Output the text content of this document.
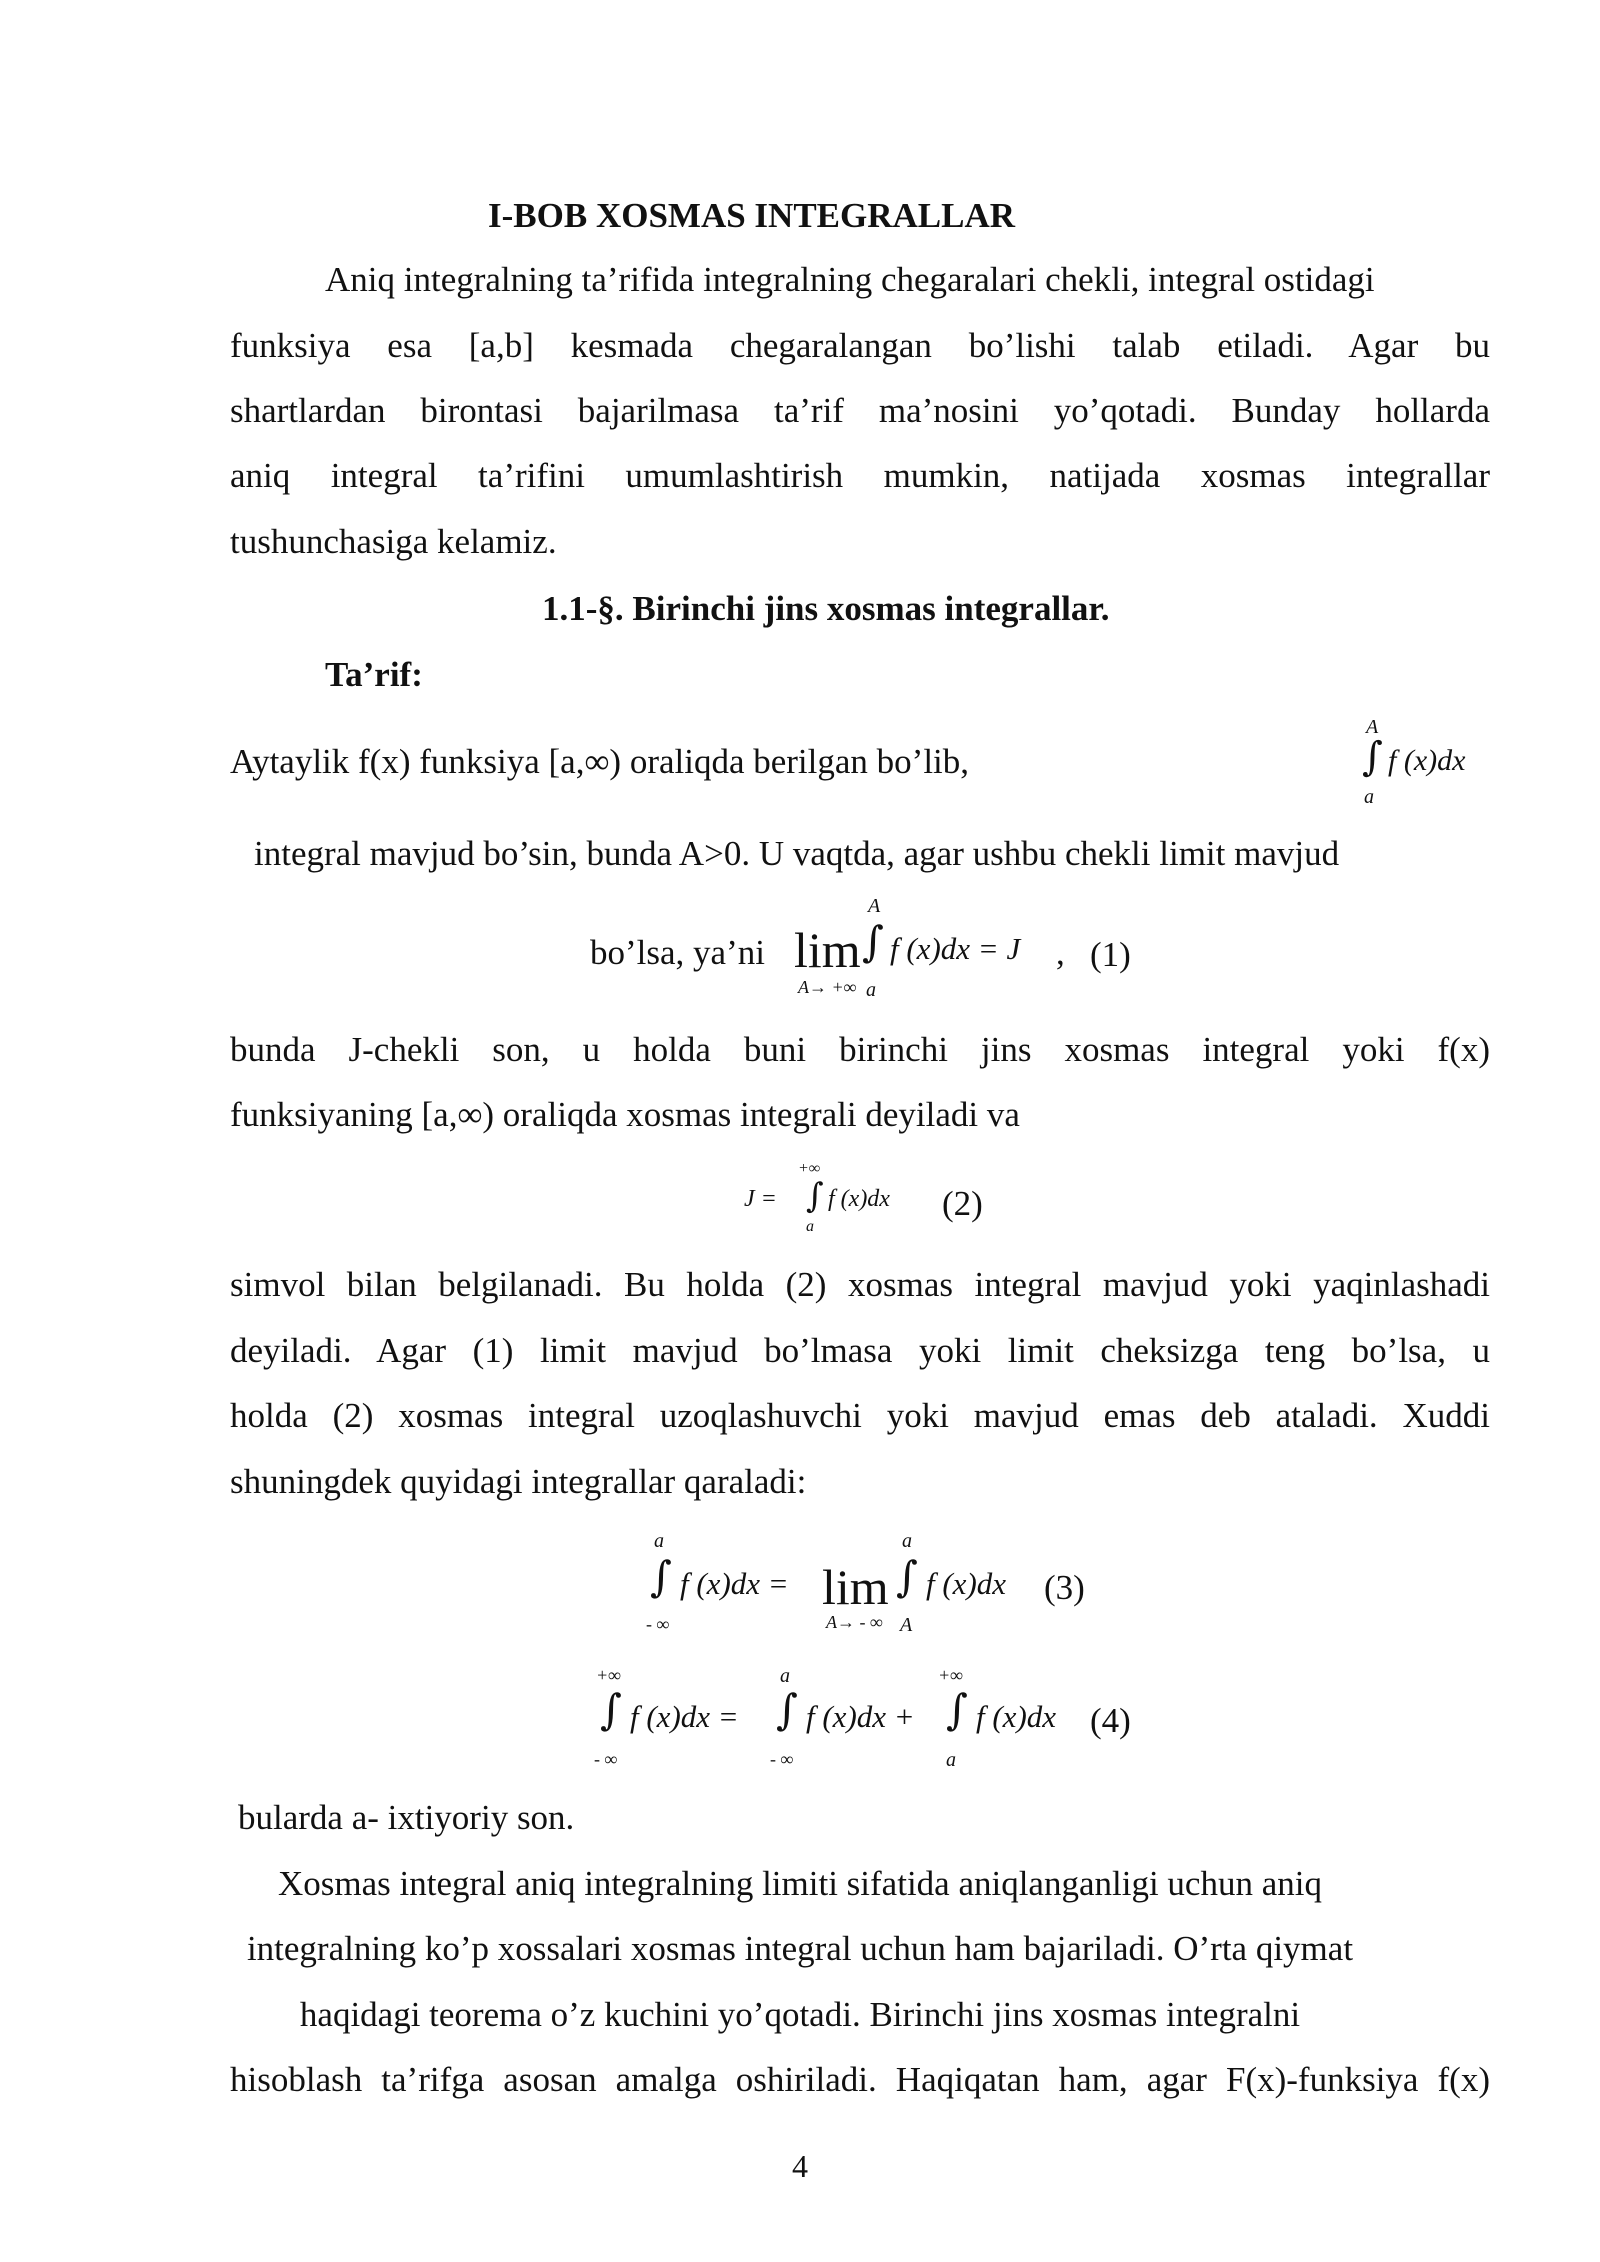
I-BOB XOSMAS INTEGRALLAR
Aniq integralning ta’rifida integralning chegaralari chekli, integral ostidagi
funksiya esa [a,b] kesmada chegaralangan bo’lishi talab etiladi. Agar bu
shartlardan birontasi bajarilmasa ta’rif ma’nosini yo’qotadi. Bunday hollarda
aniq integral ta’rifini umumlashtirish mumkin, natijada xosmas integrallar
tushunchasiga kelamiz.
1.1-§. Birinchi jins xosmas integrallar.
Ta’rif:
Aytaylik f(x) funksiya [a,∞) oraliqda berilgan bo’lib,
A
∫ f (x)dx
a
integral mavjud bo’sin, bunda A>0. U vaqtda, agar ushbu chekli limit mavjud
bo’lsa, ya’ni lim
A→ +∞
A
∫ f (x)dx = J ,
a
(1)
bunda J-chekli son, u holda buni birinchi jins xosmas integral yoki f(x)
funksiyaning [a,∞) oraliqda xosmas integrali deyiladi va
J =
+∞
∫ f (x)dx
a
(2)
simvol bilan belgilanadi. Bu holda (2) xosmas integral mavjud yoki yaqinlashadi
deyiladi. Agar (1) limit mavjud bo’lmasa yoki limit cheksizga teng bo’lsa, u
holda (2) xosmas integral uzoqlashuvchi yoki mavjud emas deb ataladi. Xuddi
shuningdek quyidagi integrallar qaraladi:
a
∫ f (x)dx =
- ∞
lim
A→ - ∞
a
∫ f (x)dx
A
(3)
+∞
∫ f (x)dx =
- ∞
a
∫ f (x)dx +
- ∞
+∞
∫ f (x)dx
a
(4)
bularda a- ixtiyoriy son.
Xosmas integral aniq integralning limiti sifatida aniqlanganligi uchun aniq
integralning ko’p xossalari xosmas integral uchun ham bajariladi. O’rta qiymat
haqidagi teorema o’z kuchini yo’qotadi. Birinchi jins xosmas integralni
hisoblash ta’rifga asosan amalga oshiriladi. Haqiqatan ham, agar F(x)-funksiya f(x)
4
